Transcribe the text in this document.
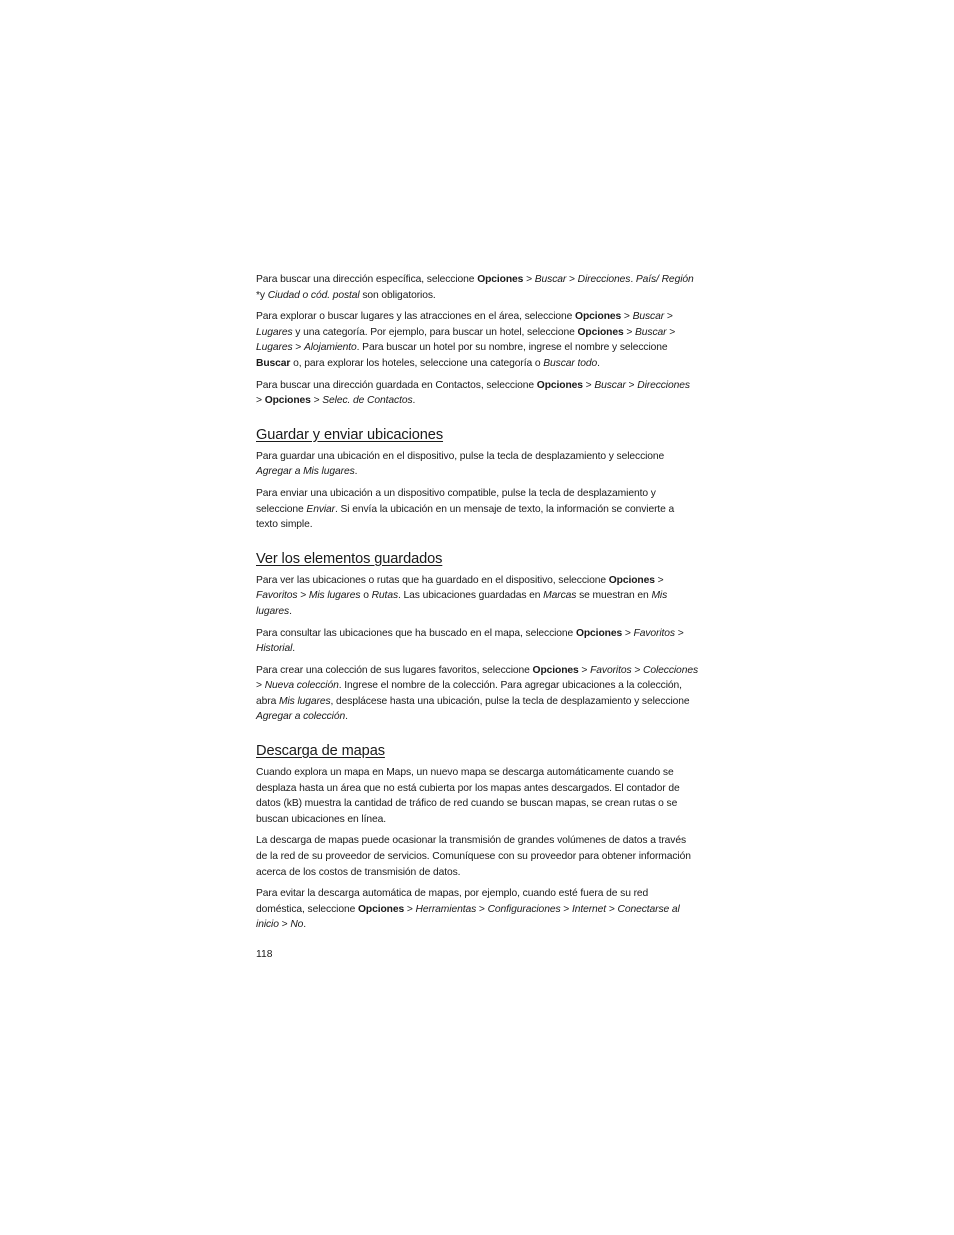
Para buscar una dirección específica, seleccione Opciones > Buscar > Direcciones. País/ Región *y Ciudad o cód. postal son obligatorios.

Para explorar o buscar lugares y las atracciones en el área, seleccione Opciones > Buscar > Lugares y una categoría. Por ejemplo, para buscar un hotel, seleccione Opciones > Buscar > Lugares > Alojamiento. Para buscar un hotel por su nombre, ingrese el nombre y seleccione Buscar o, para explorar los hoteles, seleccione una categoría o Buscar todo.

Para buscar una dirección guardada en Contactos, seleccione Opciones > Buscar > Direcciones > Opciones > Selec. de Contactos.

Guardar y enviar ubicaciones

Para guardar una ubicación en el dispositivo, pulse la tecla de desplazamiento y seleccione Agregar a Mis lugares.

Para enviar una ubicación a un dispositivo compatible, pulse la tecla de desplazamiento y seleccione Enviar. Si envía la ubicación en un mensaje de texto, la información se convierte a texto simple.

Ver los elementos guardados

Para ver las ubicaciones o rutas que ha guardado en el dispositivo, seleccione Opciones > Favoritos > Mis lugares o Rutas. Las ubicaciones guardadas en Marcas se muestran en Mis lugares.

Para consultar las ubicaciones que ha buscado en el mapa, seleccione Opciones > Favoritos > Historial.

Para crear una colección de sus lugares favoritos, seleccione Opciones > Favoritos > Colecciones > Nueva colección. Ingrese el nombre de la colección. Para agregar ubicaciones a la colección, abra Mis lugares, desplácese hasta una ubicación, pulse la tecla de desplazamiento y seleccione Agregar a colección.

Descarga de mapas

Cuando explora un mapa en Maps, un nuevo mapa se descarga automáticamente cuando se desplaza hasta un área que no está cubierta por los mapas antes descargados. El contador de datos (kB) muestra la cantidad de tráfico de red cuando se buscan mapas, se crean rutas o se buscan ubicaciones en línea.

La descarga de mapas puede ocasionar la transmisión de grandes volúmenes de datos a través de la red de su proveedor de servicios. Comuníquese con su proveedor para obtener información acerca de los costos de transmisión de datos.

Para evitar la descarga automática de mapas, por ejemplo, cuando esté fuera de su red doméstica, seleccione Opciones > Herramientas > Configuraciones > Internet > Conectarse al inicio > No.

118
